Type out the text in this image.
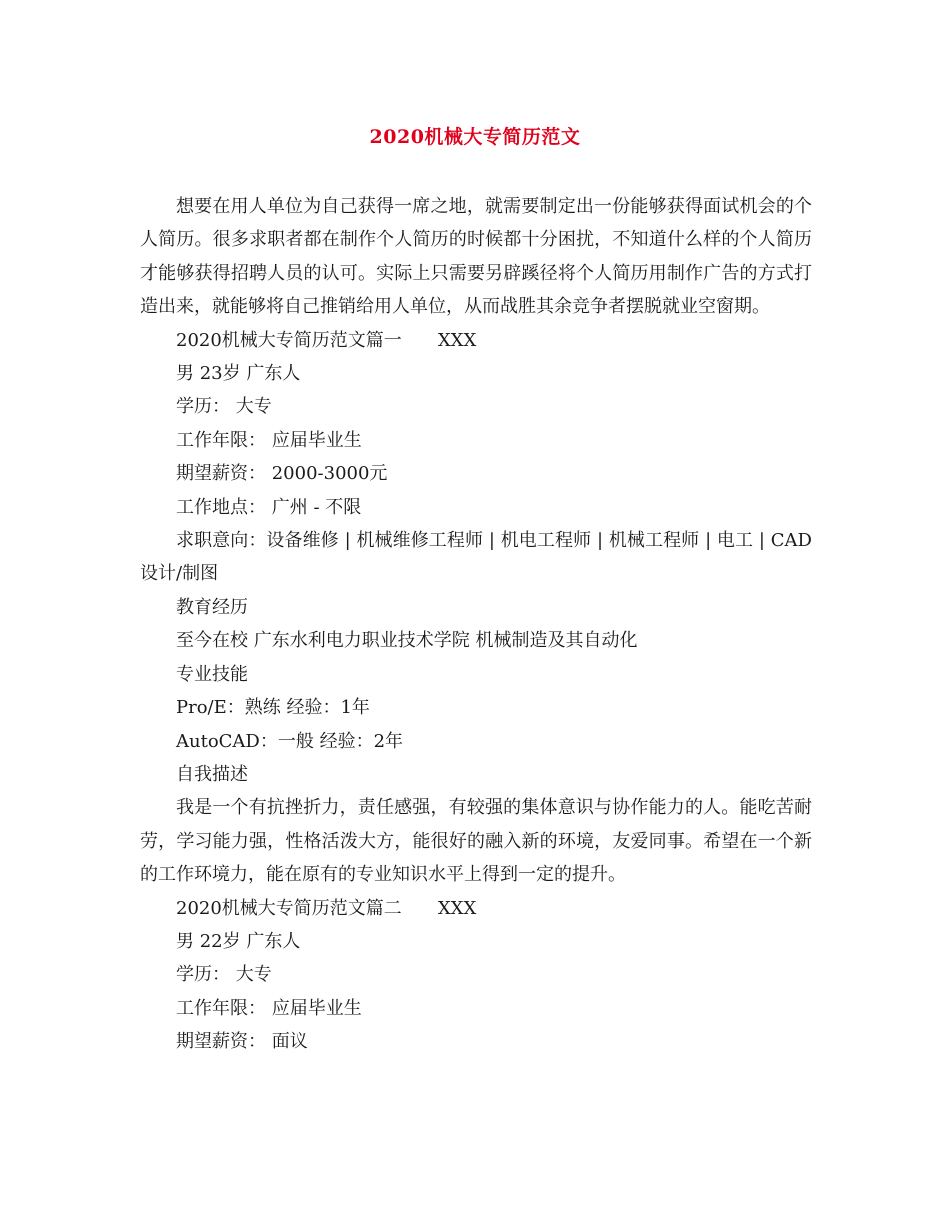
2020机械大专简历范文

想要在用人单位为自己获得一席之地，就需要制定出一份能够获得面试机会的个人简历。很多求职者都在制作个人简历的时候都十分困扰，不知道什么样的个人简历才能够获得招聘人员的认可。实际上只需要另辟蹊径将个人简历用制作广告的方式打造出来，就能够将自己推销给用人单位，从而战胜其余竞争者摆脱就业空窗期。

2020机械大专简历范文篇一 XXX

男 23岁 广东人

学历： 大专

工作年限： 应届毕业生

期望薪资： 2000-3000元

工作地点： 广州 - 不限

求职意向：设备维修 | 机械维修工程师 | 机电工程师 | 机械工程师 | 电工 | CAD设计/制图

教育经历

至今在校 广东水利电力职业技术学院 机械制造及其自动化

专业技能

Pro/E：熟练 经验：1年

AutoCAD：一般 经验：2年

自我描述

我是一个有抗挫折力，责任感强，有较强的集体意识与协作能力的人。能吃苦耐劳，学习能力强，性格活泼大方，能很好的融入新的环境，友爱同事。希望在一个新的工作环境力，能在原有的专业知识水平上得到一定的提升。

2020机械大专简历范文篇二 XXX

男 22岁 广东人

学历： 大专

工作年限： 应届毕业生

期望薪资： 面议
